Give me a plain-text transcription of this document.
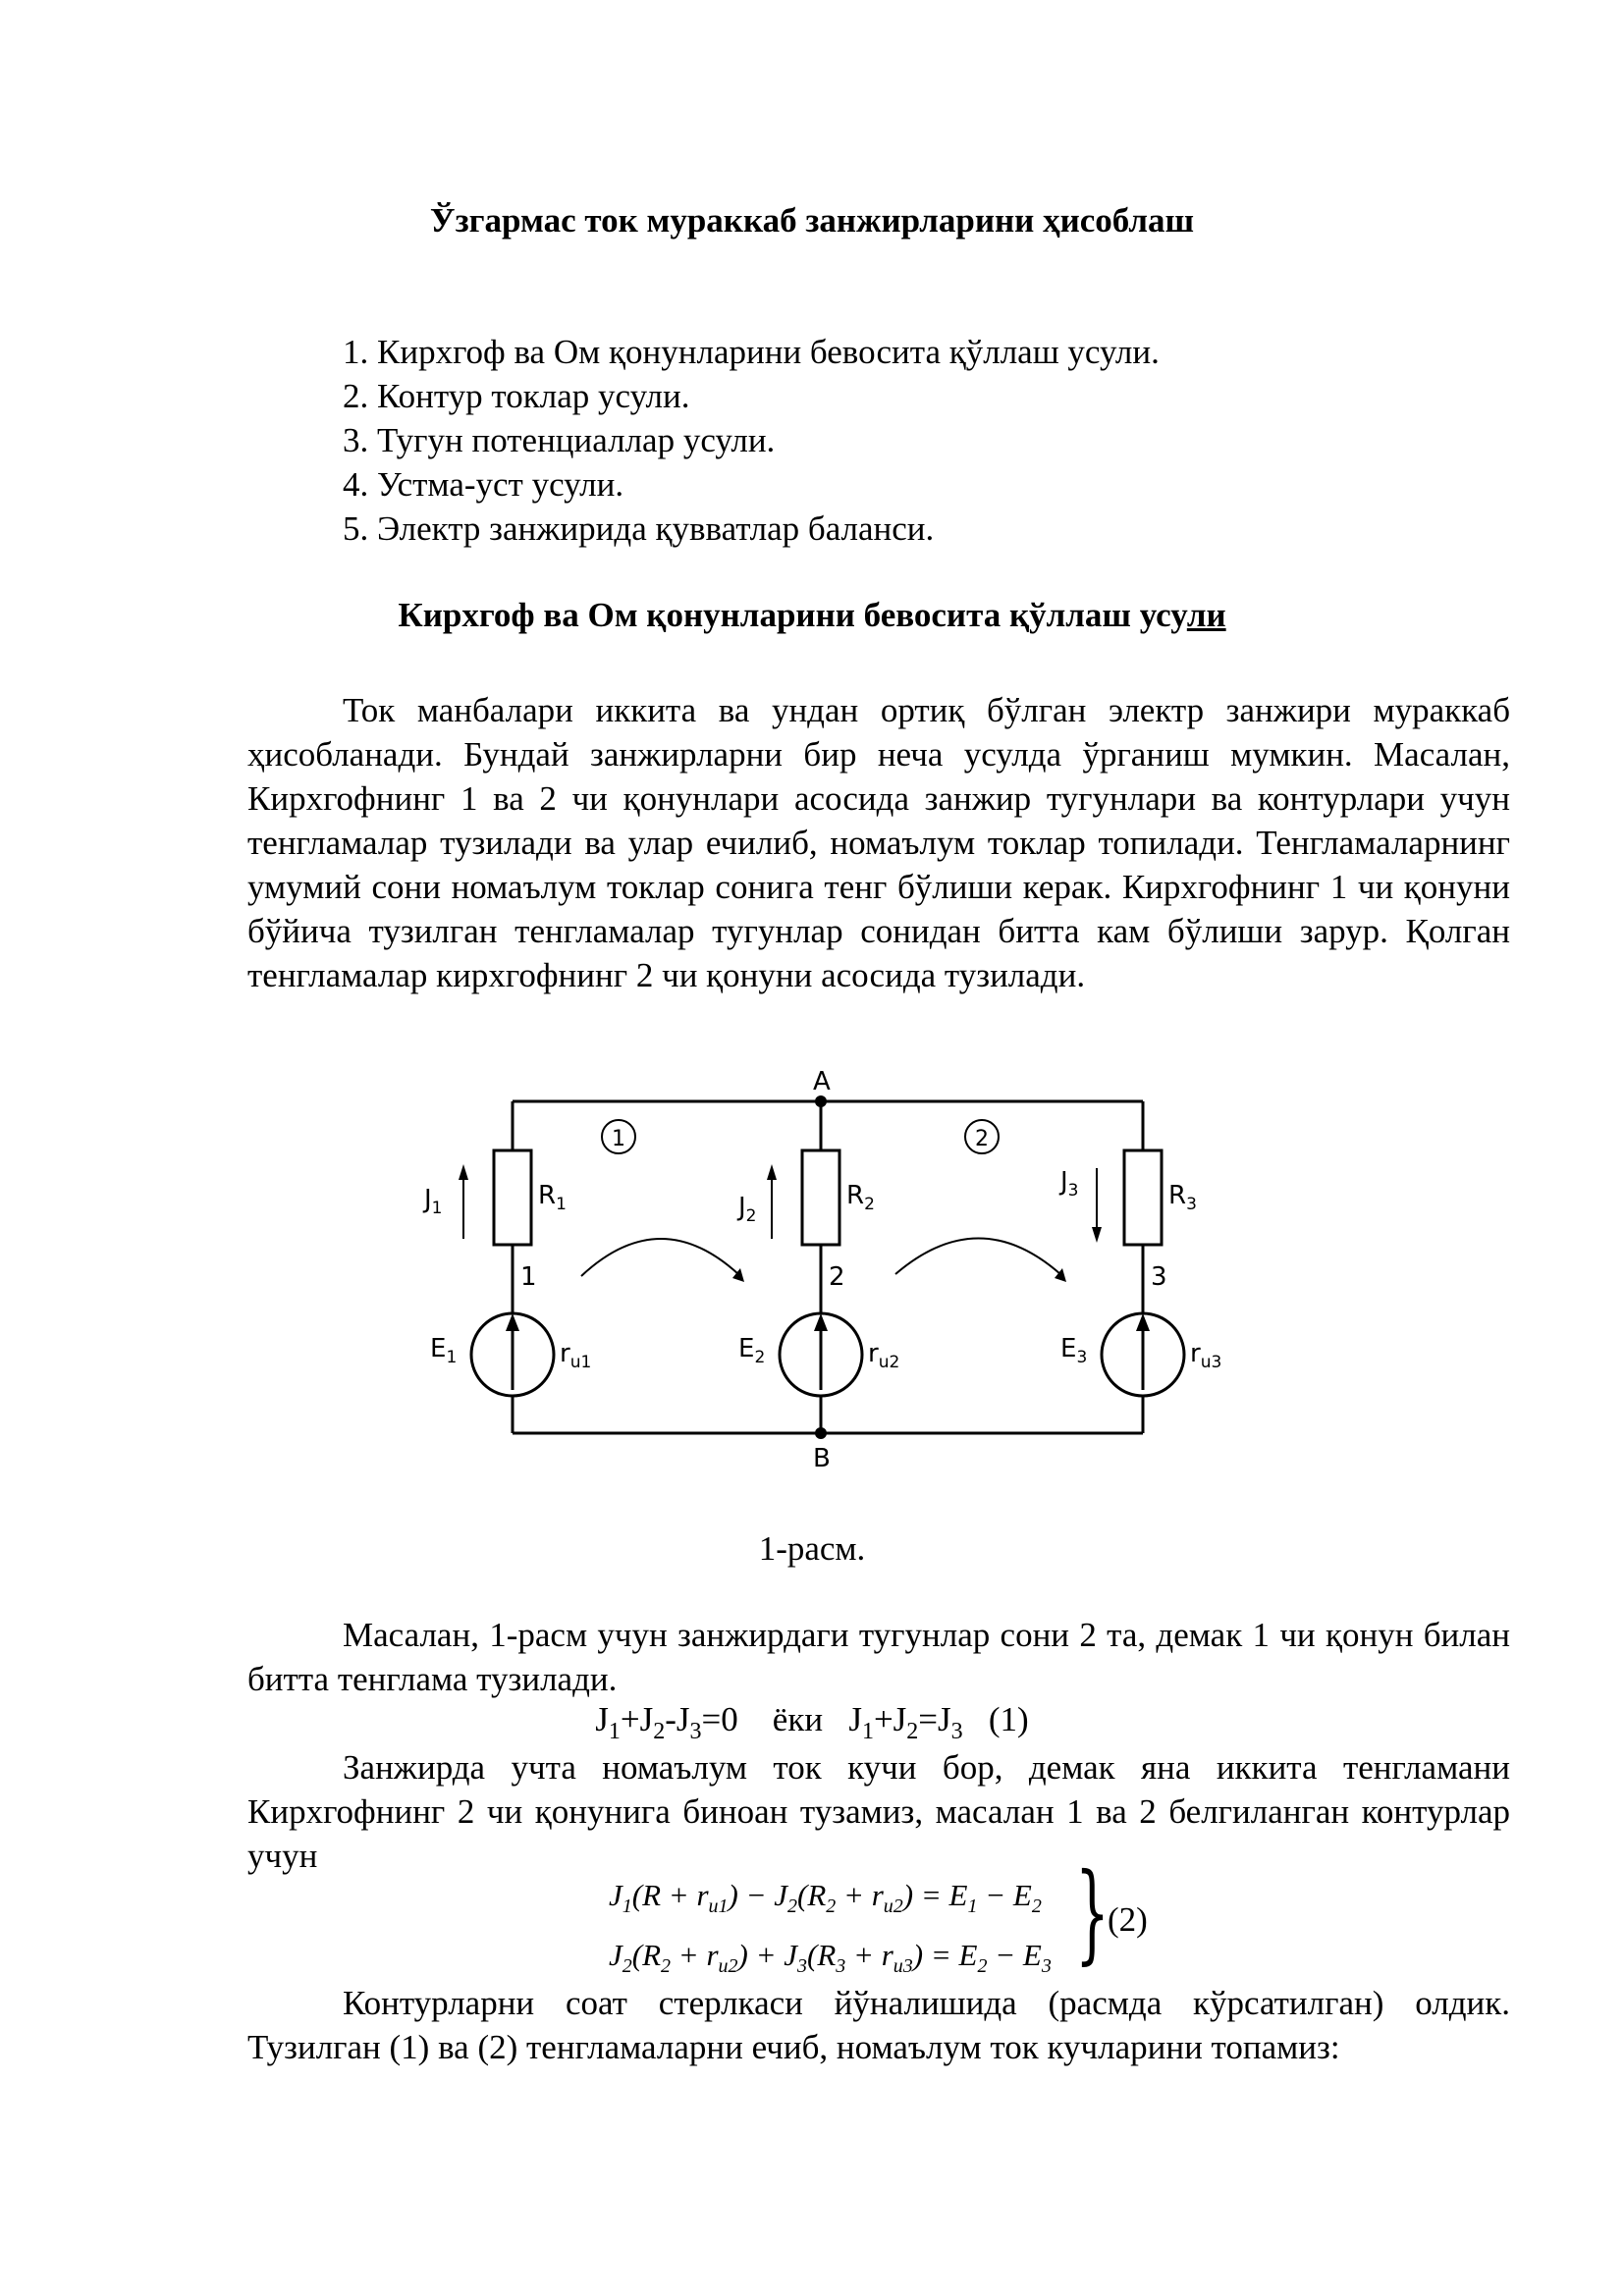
Ўзгармас ток мураккаб занжирларини ҳисоблаш
1. Кирхгоф ва Ом қонунларини бевосита қўллаш усули.
2. Контур токлар усули.
3. Тугун потенциаллар усули.
4. Устма-уст усули.
5. Электр занжирида қувватлар баланси.
Кирхгоф ва Ом қонунларини бевосита қўллаш усули

Ток манбалари иккита ва ундан ортиқ бўлган электр занжири мураккаб ҳисобланади. Бундай занжирларни бир неча усулда ўрганиш мумкин. Масалан, Кирхгофнинг 1 ва 2 чи қонунлари асосида занжир тугунлари ва контурлари учун тенгламалар тузилади ва улар ечилиб, номаълум токлар топилади. Тенгламаларнинг умумий сони номаълум токлар сонига тенг бўлиши керак. Кирхгофнинг 1 чи қонуни бўйича тузилган тенгламалар тугунлар сонидан битта кам бўлиши зарур. Қолган тенгламалар кирхгофнинг 2 чи қонуни асосида тузилади.

A
B
1	2
$J_1$	$R_1$
1
$E_1$	$r_{u1}$
$J_2$
$R_2$
2
$E_2$	$r_{u2}$
$J_3$	$R_3$
3
$E_3$	$r_{u3}$
1-расм.

Масалан, 1-расм учун занжирдаги тугунлар сони 2 та, демак 1 чи қонун билан битта тенглама тузилади.

$J_1+J_2-J_3=0$ ёки $J_1+J_2=J_3$ (1)

Занжирда учта номаълум ток кучи бор, демак яна иккита тенгламани Кирхгофнинг 2 чи қонунига биноан тузамиз, масалан 1 ва 2 белгиланган контурлар учун

$J_1(R + r_{u1}) - J_2(R_2 + r_{u2}) = E_1 - E_2$
$J_2(R_2 + r_{u2}) + J_3(R_3 + r_{u3}) = E_2 - E_3$ }
(2)

Контурларни соат стерлкаси йўналишида (расмда кўрсатилган) олдик. Тузилган (1) ва (2) тенгламаларни ечиб, номаълум ток кучларини топамиз:
